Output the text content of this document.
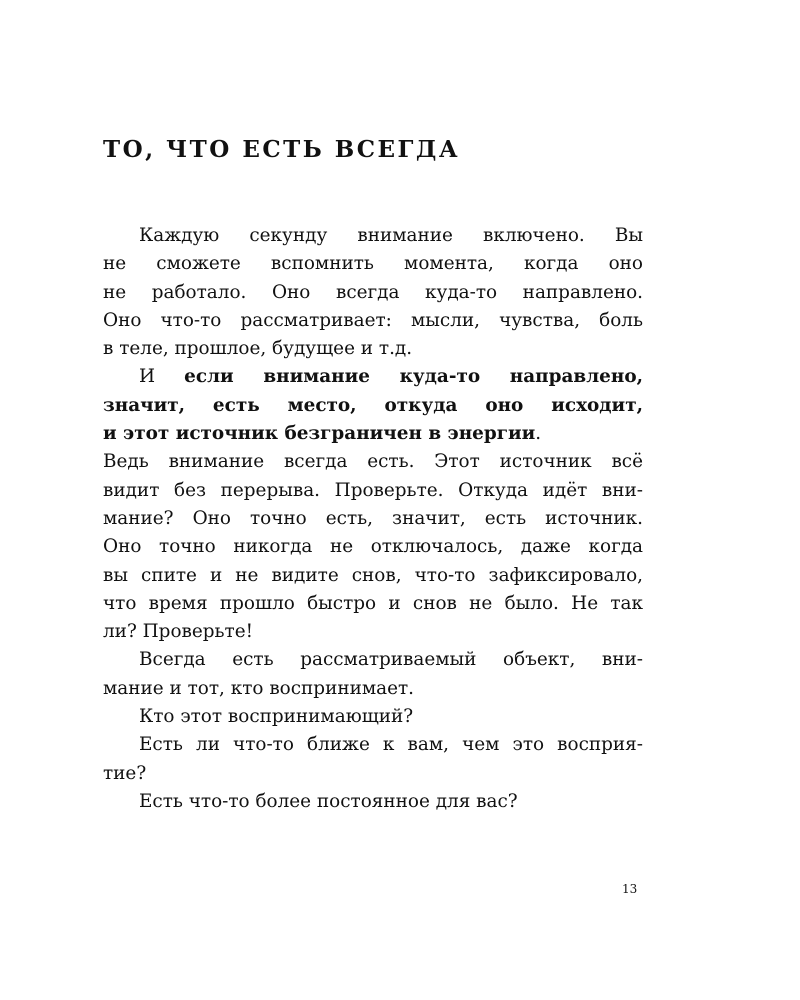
ТО, ЧТО ЕСТЬ ВСЕГДА
Каждую секунду внимание включено. Вы
не сможете вспомнить момента, когда оно
не работало. Оно всегда куда-то направлено.
Оно что-то рассматривает: мысли, чувства, боль
в теле, прошлое, будущее и т.д.
И если внимание куда-то направлено,
значит, есть место, откуда оно исходит,
и этот источник безграничен в энергии.
Ведь внимание всегда есть. Этот источник всё
видит без перерыва. Проверьте. Откуда идёт вни-
мание? Оно точно есть, значит, есть источник.
Оно точно никогда не отключалось, даже когда
вы спите и не видите снов, что-то зафиксировало,
что время прошло быстро и снов не было. Не так
ли? Проверьте!
Всегда есть рассматриваемый объект, вни-
мание и тот, кто воспринимает.
Кто этот воспринимающий?
Есть ли что-то ближе к вам, чем это восприя-
тие?
Есть что-то более постоянное для вас?
13
